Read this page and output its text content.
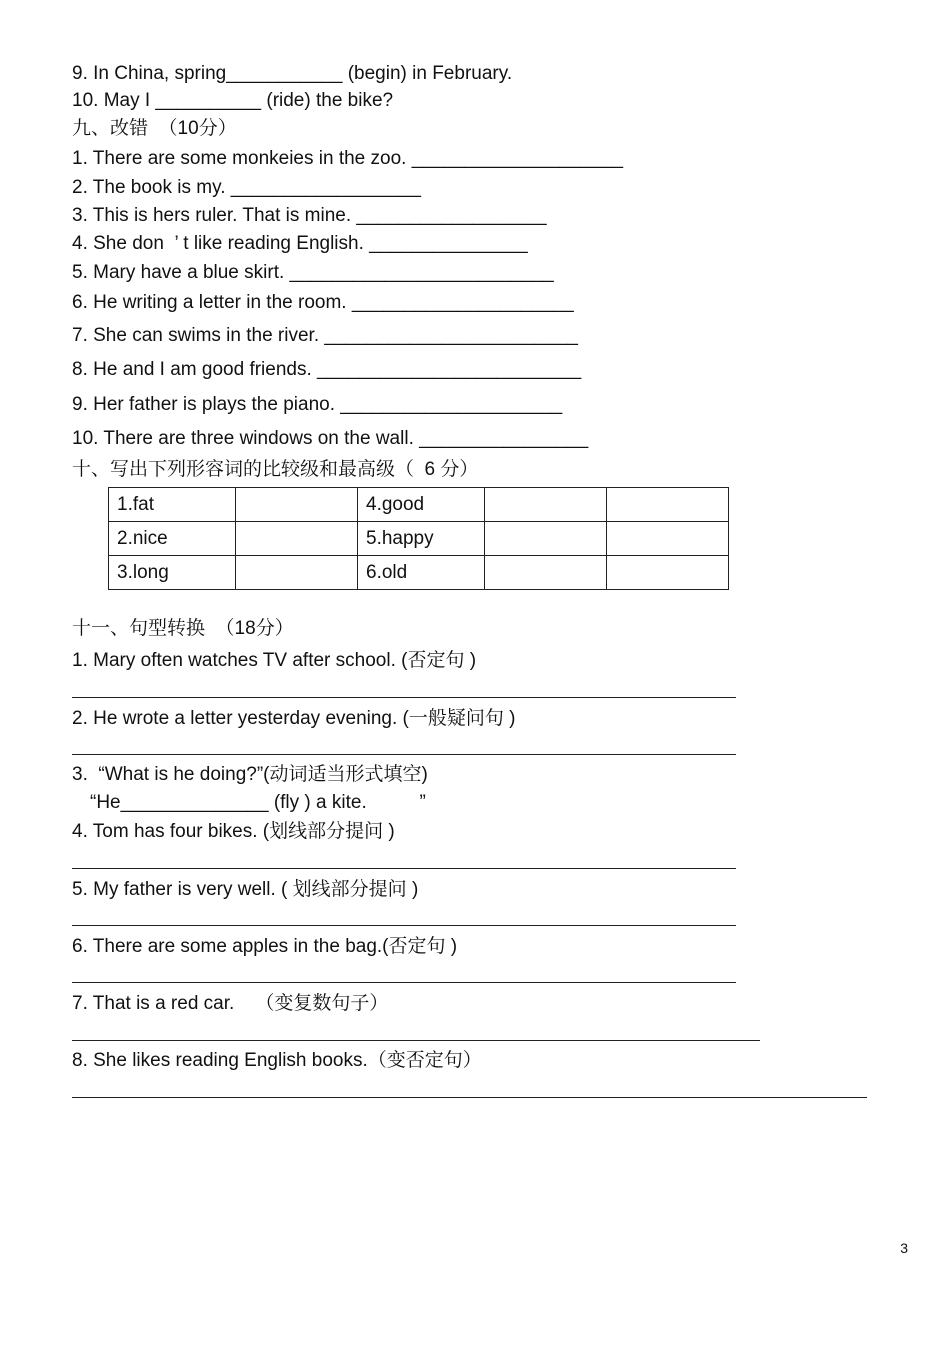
9. In China, spring___________ (begin) in February.
10. May I __________ (ride) the bike?
九、改错  （10分）
1. There are some monkeies in the zoo. ____________________
2. The book is my. __________________
3. This is hers ruler. That is mine. __________________
4. She don  ’ t like reading English. _______________
5. Mary have a blue skirt. _________________________
6. He writing a letter in the room. _____________________
7. She can swims in the river. ________________________
8. He and I am good friends. _________________________
9. Her father is plays the piano. _____________________
10. There are three windows on the wall. ________________
十、写出下列形容词的比较级和最高级（  6 分）
1.fat		4.good		
2.nice		5.happy		
3.long		6.old		
十一、句型转换  （18分）
1. Mary often watches TV after school. (否定句 )
2. He wrote a letter yesterday evening. (一般疑问句 )
3.  “What is he doing?”(动词适当形式填空)
“He______________ (fly ) a kite.          ”
4. Tom has four bikes. (划线部分提问 )
5. My father is very well. ( 划线部分提问 )
6. There are some apples in the bag.(否定句 )
7. That is a red car.    （变复数句子）
8. She likes reading English books.（变否定句）
3
